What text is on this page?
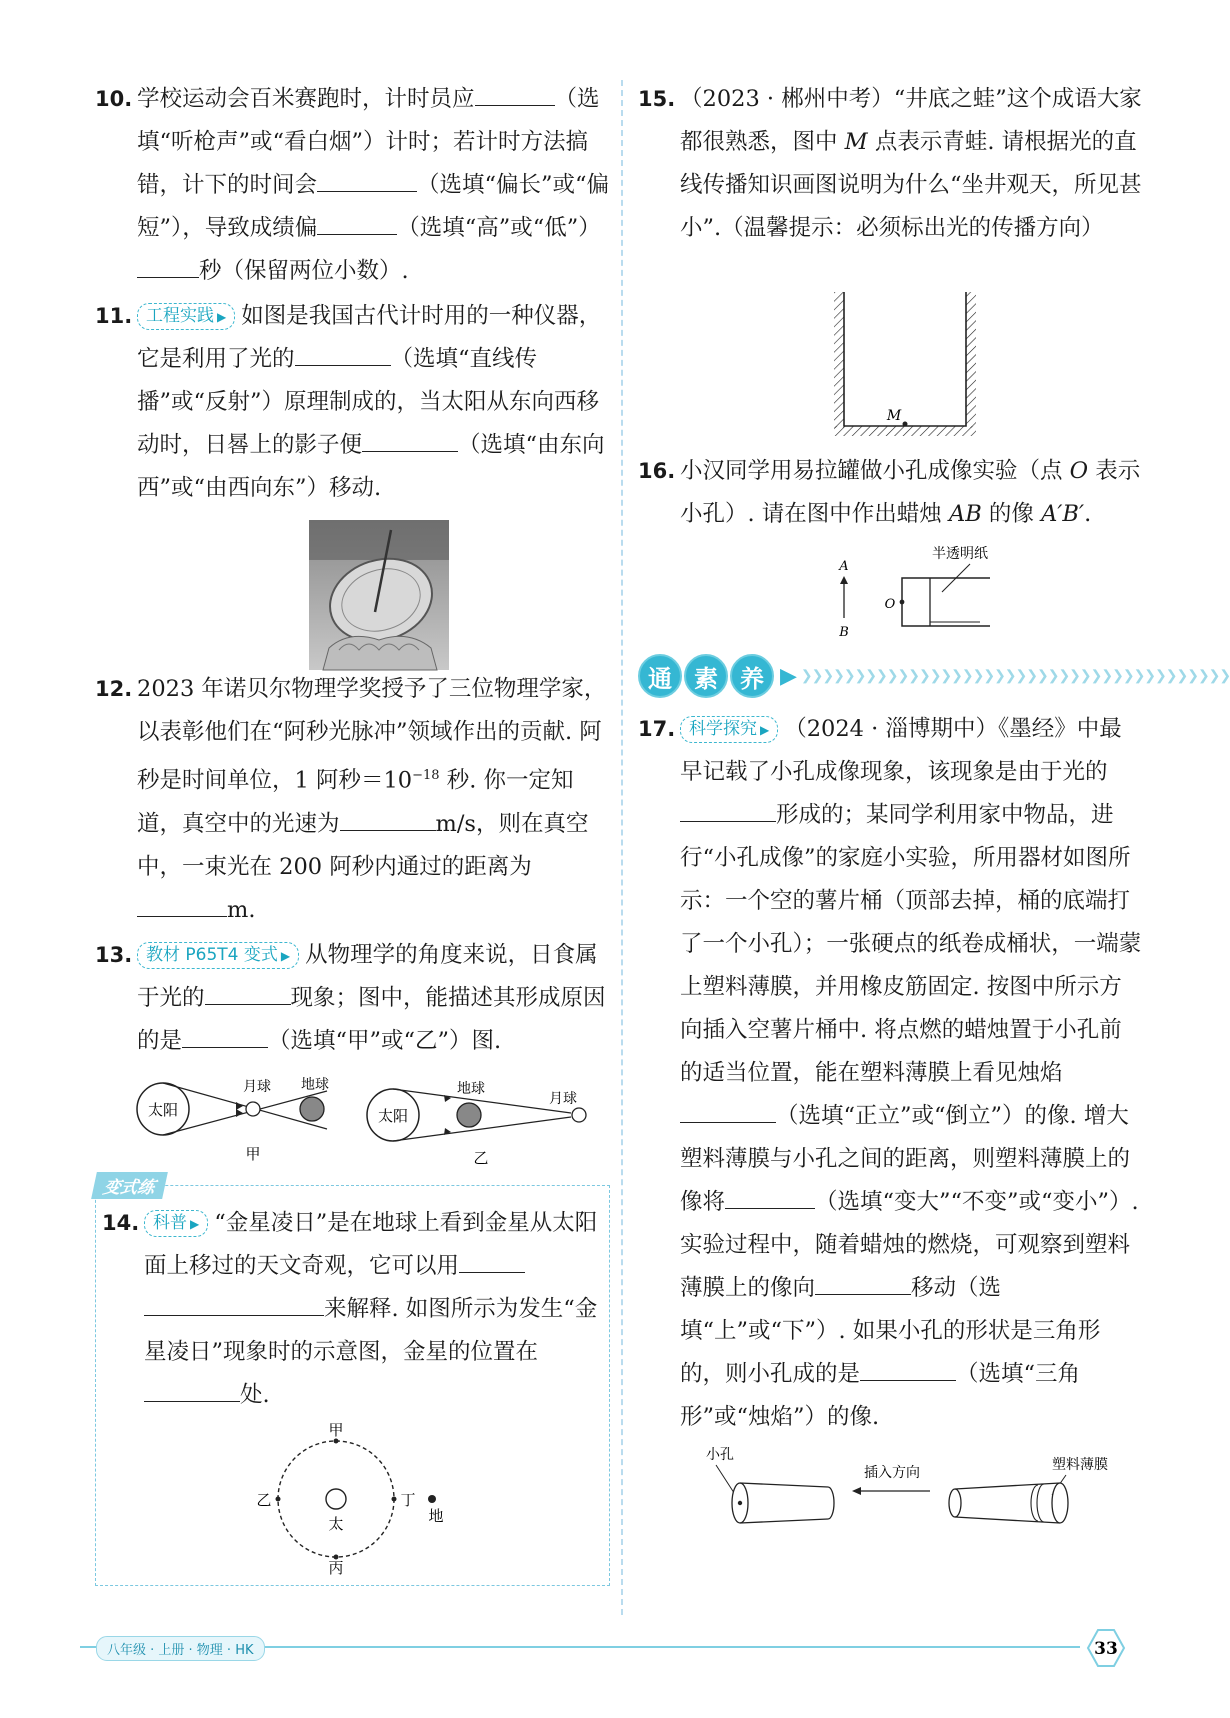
10. 学校运动会百米赛跑时，计时员应	（选填“听枪声”或“看白烟”）计时；若计时方法搞错，计下的时间会	（选填“偏长”或“偏短”），导致成绩偏	（选填“高”或“低”）秒（保留两位小数）.
11. 工程实践 ▶ 如图是我国古代计时用的一种仪器，它是利用了光的	（选填“直线传播”或“反射”）原理制成的，当太阳从东向西移动时，日晷上的影子便	（选填“由东向西”或“由西向东”）移动.
12. 2023 年诺贝尔物理学奖授予了三位物理学家，以表彰他们在“阿秒光脉冲”领域作出的贡献. 阿秒是时间单位，1 阿秒$=10^{-18}$ 秒. 你一定知道，真空中的光速为	m/s，则在真空中，一束光在 200 阿秒内通过的距离为m.
13. 教材 P65T4 变式 ▶ 从物理学的角度来说，日食属于光的	现象；图中，能描述其形成原因的是	（选填“甲”或“乙”）图.
太阳
月球 地球
甲
太阳
地球
月球
乙
变式练
14. 科普 ▶ “金星凌日”是在地球上看到金星从太阳面上移过的天文奇观，它可以用 来解释. 如图所示为发生“金星凌日”现象时的示意图，金星的位置在处.
太
甲
乙
丙
丁
地
15. （2023 · 郴州中考）“井底之蛙”这个成语大家都很熟悉，图中 M 点表示青蛙. 请根据光的直线传播知识画图说明为什么“坐井观天，所见甚小”.（温馨提示：必须标出光的传播方向）
M
16. 小汉同学用易拉罐做小孔成像实验（点 O 表示小孔）. 请在图中作出蜡烛 AB 的像 A′B′.
半透明纸
A
B
O
通 素 养 ▶ ❯❯❯❯❯❯❯❯❯❯❯❯❯❯❯❯❯❯❯❯❯❯❯❯❯❯❯❯❯❯❯❯❯❯❯❯❯❯❯❯
17. 科学探究 ▶ （2024 · 淄博期中）《墨经》中最早记载了小孔成像现象，该现象是由于光的形成的；某同学利用家中物品，进行“小孔成像”的家庭小实验，所用器材如图所示：一个空的薯片桶（顶部去掉，桶的底端打了一个小孔）；一张硬点的纸卷成桶状，一端蒙上塑料薄膜，并用橡皮筋固定. 按图中所示方向插入空薯片桶中. 将点燃的蜡烛置于小孔前的适当位置，能在塑料薄膜上看见烛焰（选填“正立”或“倒立”）的像. 增大塑料薄膜与小孔之间的距离，则塑料薄膜上的像将	（选填“变大”“不变”或“变小”）. 实验过程中，随着蜡烛的燃烧，可观察到塑料薄膜上的像向	移动（选填“上”或“下”）. 如果小孔的形状是三角形的，则小孔成的是	（选填“三角形”或“烛焰”）的像.
小孔
插入方向	塑料薄膜
八年级 · 上册 · 物理 · HK	33
